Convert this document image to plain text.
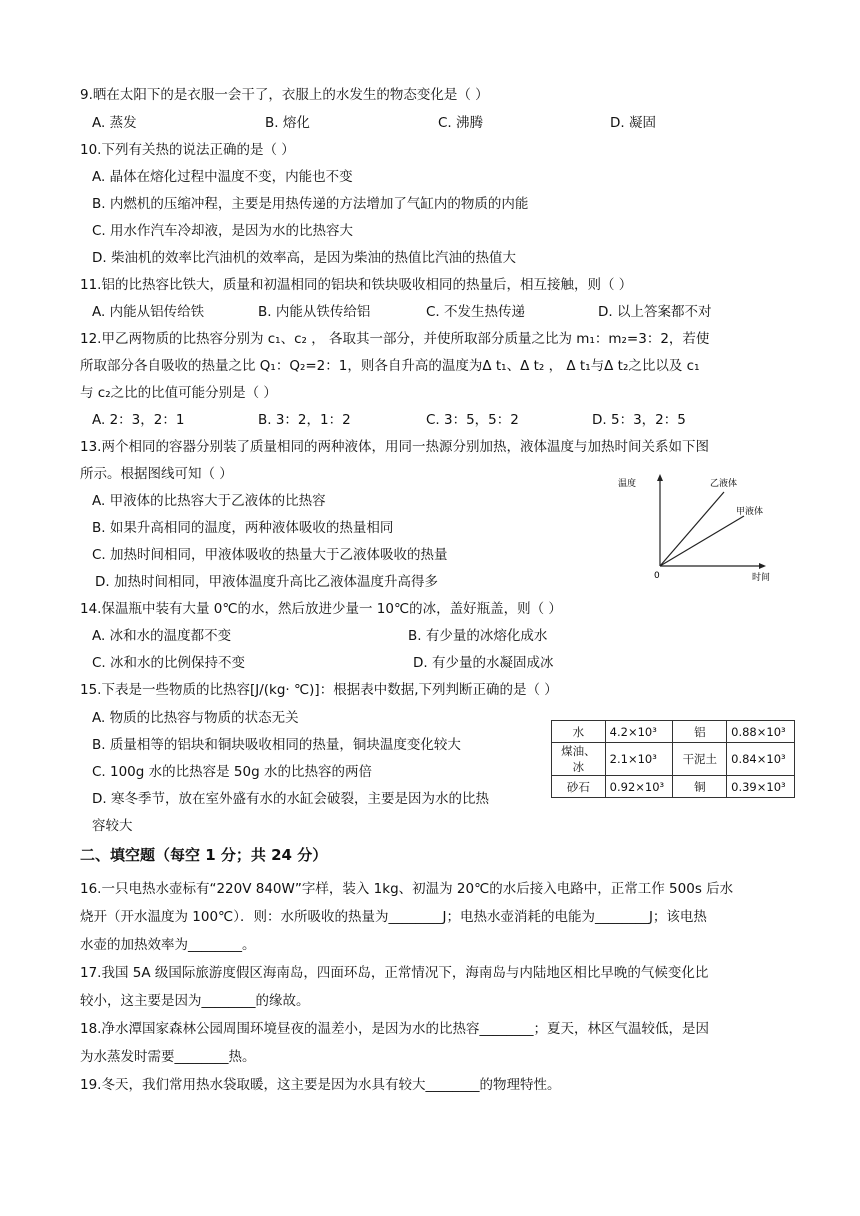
9.晒在太阳下的是衣服一会干了，衣服上的水发生的物态变化是（ ）
A. 蒸发	B. 熔化	C. 沸腾	D. 凝固
10.下列有关热的说法正确的是（ ）
A. 晶体在熔化过程中温度不变，内能也不变
B. 内燃机的压缩冲程，主要是用热传递的方法增加了气缸内的物质的内能
C. 用水作汽车冷却液，是因为水的比热容大
D. 柴油机的效率比汽油机的效率高，是因为柴油的热值比汽油的热值大
11.铝的比热容比铁大，质量和初温相同的铝块和铁块吸收相同的热量后，相互接触，则（ ）
A. 内能从铝传给铁	B. 内能从铁传给铝	C. 不发生热传递	D. 以上答案都不对
12.甲乙两物质的比热容分别为 c₁、c₂ ， 各取其一部分，并使所取部分质量之比为 m₁：m₂=3：2，若使
所取部分各自吸收的热量之比 Q₁：Q₂=2：1，则各自升高的温度为Δ t₁、Δ t₂ ， Δ t₁与Δ t₂之比以及 c₁
与 c₂之比的比值可能分别是（ ）
A. 2：3，2：1	B. 3：2，1：2	C. 3：5，5：2	D. 5：3，2：5
13.两个相同的容器分别装了质量相同的两种液体，用同一热源分别加热，液体温度与加热时间关系如下图
所示。根据图线可知（ ）
A. 甲液体的比热容大于乙液体的比热容
B. 如果升高相同的温度，两种液体吸收的热量相同
C. 加热时间相同，甲液体吸收的热量大于乙液体吸收的热量
D. 加热时间相同，甲液体温度升高比乙液体温度升高得多
温度
时间
0
乙液体
甲液体
14.保温瓶中装有大量 0℃的水，然后放进少量一 10℃的冰，盖好瓶盖，则（ ）
A. 冰和水的温度都不变	B. 有少量的冰熔化成水
C. 冰和水的比例保持不变	D. 有少量的水凝固成冰
15.下表是一些物质的比热容[J/(kg· ℃)]：根据表中数据,下列判断正确的是（ ）
A. 物质的比热容与物质的状态无关
B. 质量相等的铝块和铜块吸收相同的热量，铜块温度变化较大
C. 100g 水的比热容是 50g 水的比热容的两倍
D. 寒冬季节，放在室外盛有水的水缸会破裂，主要是因为水的比热
容较大
水	4.2×10³	铝	0.88×10³
煤油、冰	2.1×10³	干泥土	0.84×10³
砂石	0.92×10³	铜	0.39×10³
二、填空题（每空 1 分；共 24 分）
16.一只电热水壶标有“220V 840W”字样，装入 1kg、初温为 20℃的水后接入电路中，正常工作 500s 后水
烧开（开水温度为 100℃）．则：水所吸收的热量为________J；电热水壶消耗的电能为________J；该电热
水壶的加热效率为________。
17.我国 5A 级国际旅游度假区海南岛，四面环岛，正常情况下，海南岛与内陆地区相比早晚的气候变化比
较小，这主要是因为________的缘故。
18.净水潭国家森林公园周围环境昼夜的温差小，是因为水的比热容________；夏天，林区气温较低，是因
为水蒸发时需要________热。
19.冬天，我们常用热水袋取暖，这主要是因为水具有较大________的物理特性。
